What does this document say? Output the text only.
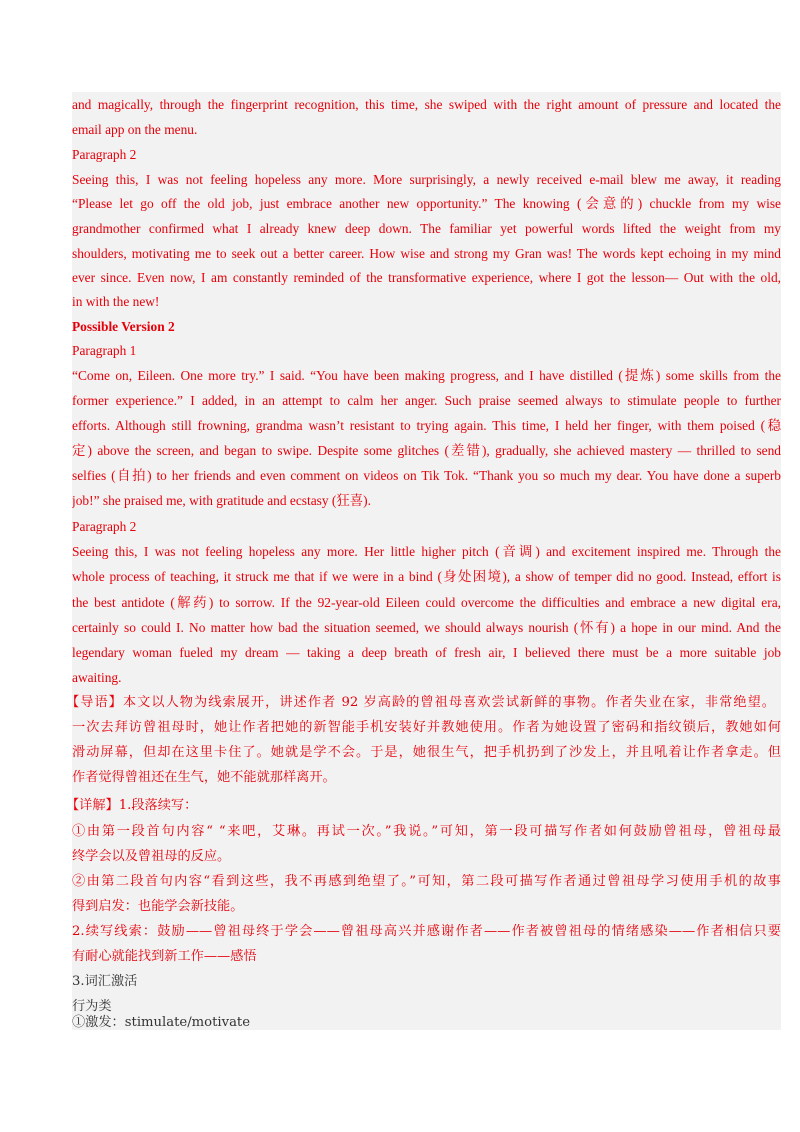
and magically, through the fingerprint recognition, this time, she swiped with the right amount of pressure and located the
email app on the menu.
Paragraph 2
Seeing this, I was not feeling hopeless any more. More surprisingly, a newly received e-mail blew me away, it reading
“Please let go off the old job, just embrace another new opportunity.” The knowing (会意的) chuckle from my wise
grandmother confirmed what I already knew deep down. The familiar yet powerful words lifted the weight from my
shoulders, motivating me to seek out a better career. How wise and strong my Gran was! The words kept echoing in my mind
ever since. Even now, I am constantly reminded of the transformative experience, where I got the lesson— Out with the old,
in with the new!
Possible Version 2
Paragraph 1
“Come on, Eileen. One more try.” I said. “You have been making progress, and I have distilled (提炼) some skills from the
former experience.” I added, in an attempt to calm her anger. Such praise seemed always to stimulate people to further
efforts. Although still frowning, grandma wasn’t resistant to trying again. This time, I held her finger, with them poised (稳
定) above the screen, and began to swipe. Despite some glitches (差错), gradually, she achieved mastery — thrilled to send
selfies (自拍) to her friends and even comment on videos on Tik Tok. “Thank you so much my dear. You have done a superb
job!” she praised me, with gratitude and ecstasy (狂喜).
Paragraph 2
Seeing this, I was not feeling hopeless any more. Her little higher pitch (音调) and excitement inspired me. Through the
whole process of teaching, it struck me that if we were in a bind (身处困境), a show of temper did no good. Instead, effort is
the best antidote (解药) to sorrow. If the 92-year-old Eileen could overcome the difficulties and embrace a new digital era,
certainly so could I. No matter how bad the situation seemed, we should always nourish (怀有) a hope in our mind. And the
legendary woman fueled my dream — taking a deep breath of fresh air, I believed there must be a more suitable job
awaiting.
【导语】本文以人物为线索展开，讲述作者 92 岁高龄的曾祖母喜欢尝试新鲜的事物。作者失业在家，非常绝望。
一次去拜访曾祖母时，她让作者把她的新智能手机安装好并教她使用。作者为她设置了密码和指纹锁后，教她如何
滑动屏幕，但却在这里卡住了。她就是学不会。于是，她很生气，把手机扔到了沙发上，并且吼着让作者拿走。但
作者觉得曾祖还在生气，她不能就那样离开。
【详解】1.段落续写：
①由第一段首句内容“ “来吧，艾琳。再试一次。”我说。”可知，第一段可描写作者如何鼓励曾祖母，曾祖母最
终学会以及曾祖母的反应。
②由第二段首句内容“看到这些，我不再感到绝望了。”可知，第二段可描写作者通过曾祖母学习使用手机的故事
得到启发：也能学会新技能。
2.续写线索：鼓励——曾祖母终于学会——曾祖母高兴并感谢作者——作者被曾祖母的情绪感染——作者相信只要
有耐心就能找到新工作——感悟
3.词汇激活
行为类
①激发：stimulate/motivate
